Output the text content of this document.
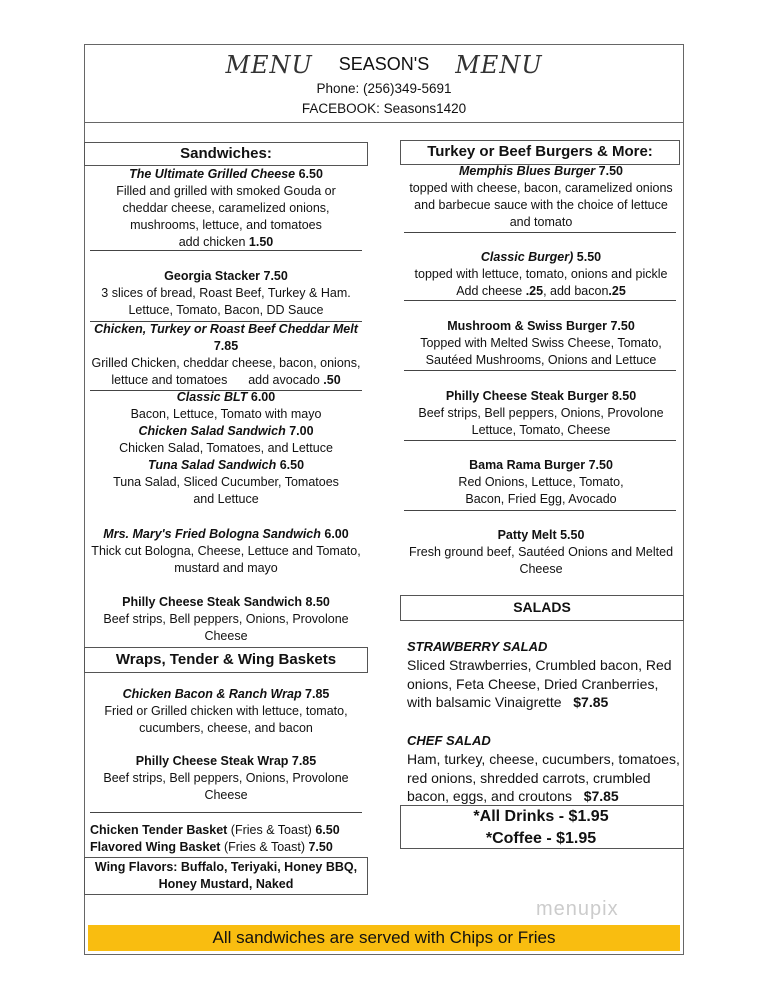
MENU SEASON'S MENU
Phone: (256)349-5691
FACEBOOK: Seasons1420
Sandwiches:	Turkey or Beef Burgers & More:
Wraps, Tender & Wing Baskets
SALADS
The Ultimate Grilled Cheese 6.50
Filled and grilled with smoked Gouda or
cheddar cheese, caramelized onions,
mushrooms, lettuce, and tomatoes
add chicken 1.50
Georgia Stacker 7.50
3 slices of bread, Roast Beef, Turkey & Ham.
Lettuce, Tomato, Bacon, DD Sauce
Chicken, Turkey or Roast Beef Cheddar Melt
7.85
Grilled Chicken, cheddar cheese, bacon, onions,
lettuce and tomatoes      add avocado .50
Classic BLT 6.00
Bacon, Lettuce, Tomato with mayo
Chicken Salad Sandwich 7.00
Chicken Salad, Tomatoes, and Lettuce
Tuna Salad Sandwich 6.50
Tuna Salad, Sliced Cucumber, Tomatoes
and Lettuce
Mrs. Mary's Fried Bologna Sandwich 6.00
Thick cut Bologna, Cheese, Lettuce and Tomato,
mustard and mayo
Philly Cheese Steak Sandwich 8.50
Beef strips, Bell peppers, Onions, Provolone
Cheese
Chicken Bacon & Ranch Wrap 7.85
Fried or Grilled chicken with lettuce, tomato,
cucumbers, cheese, and bacon
Philly Cheese Steak Wrap 7.85
Beef strips, Bell peppers, Onions, Provolone
Cheese
Chicken Tender Basket (Fries & Toast) 6.50
Flavored Wing Basket (Fries & Toast) 7.50
Wing Flavors: Buffalo, Teriyaki, Honey BBQ,
Honey Mustard, Naked
Memphis Blues Burger 7.50
topped with cheese, bacon, caramelized onions
and barbecue sauce with the choice of lettuce
and tomato
Classic Burger) 5.50
topped with lettuce, tomato, onions and pickle
Add cheese .25, add bacon.25
Mushroom & Swiss Burger 7.50
Topped with Melted Swiss Cheese, Tomato,
Sautéed Mushrooms, Onions and Lettuce
Philly Cheese Steak Burger 8.50
Beef strips, Bell peppers, Onions, Provolone
Lettuce, Tomato, Cheese
Bama Rama Burger 7.50
Red Onions, Lettuce, Tomato,
Bacon, Fried Egg, Avocado
Patty Melt 5.50
Fresh ground beef, Sautéed Onions and Melted
Cheese
STRAWBERRY SALAD
Sliced Strawberries, Crumbled bacon, Red
onions, Feta Cheese, Dried Cranberries,
with balsamic Vinaigrette   $7.85
CHEF SALAD
Ham, turkey, cheese, cucumbers, tomatoes,
red onions, shredded carrots, crumbled
bacon, eggs, and croutons   $7.85
*All Drinks - $1.95
*Coffee - $1.95
menupix
All sandwiches are served with Chips or Fries
